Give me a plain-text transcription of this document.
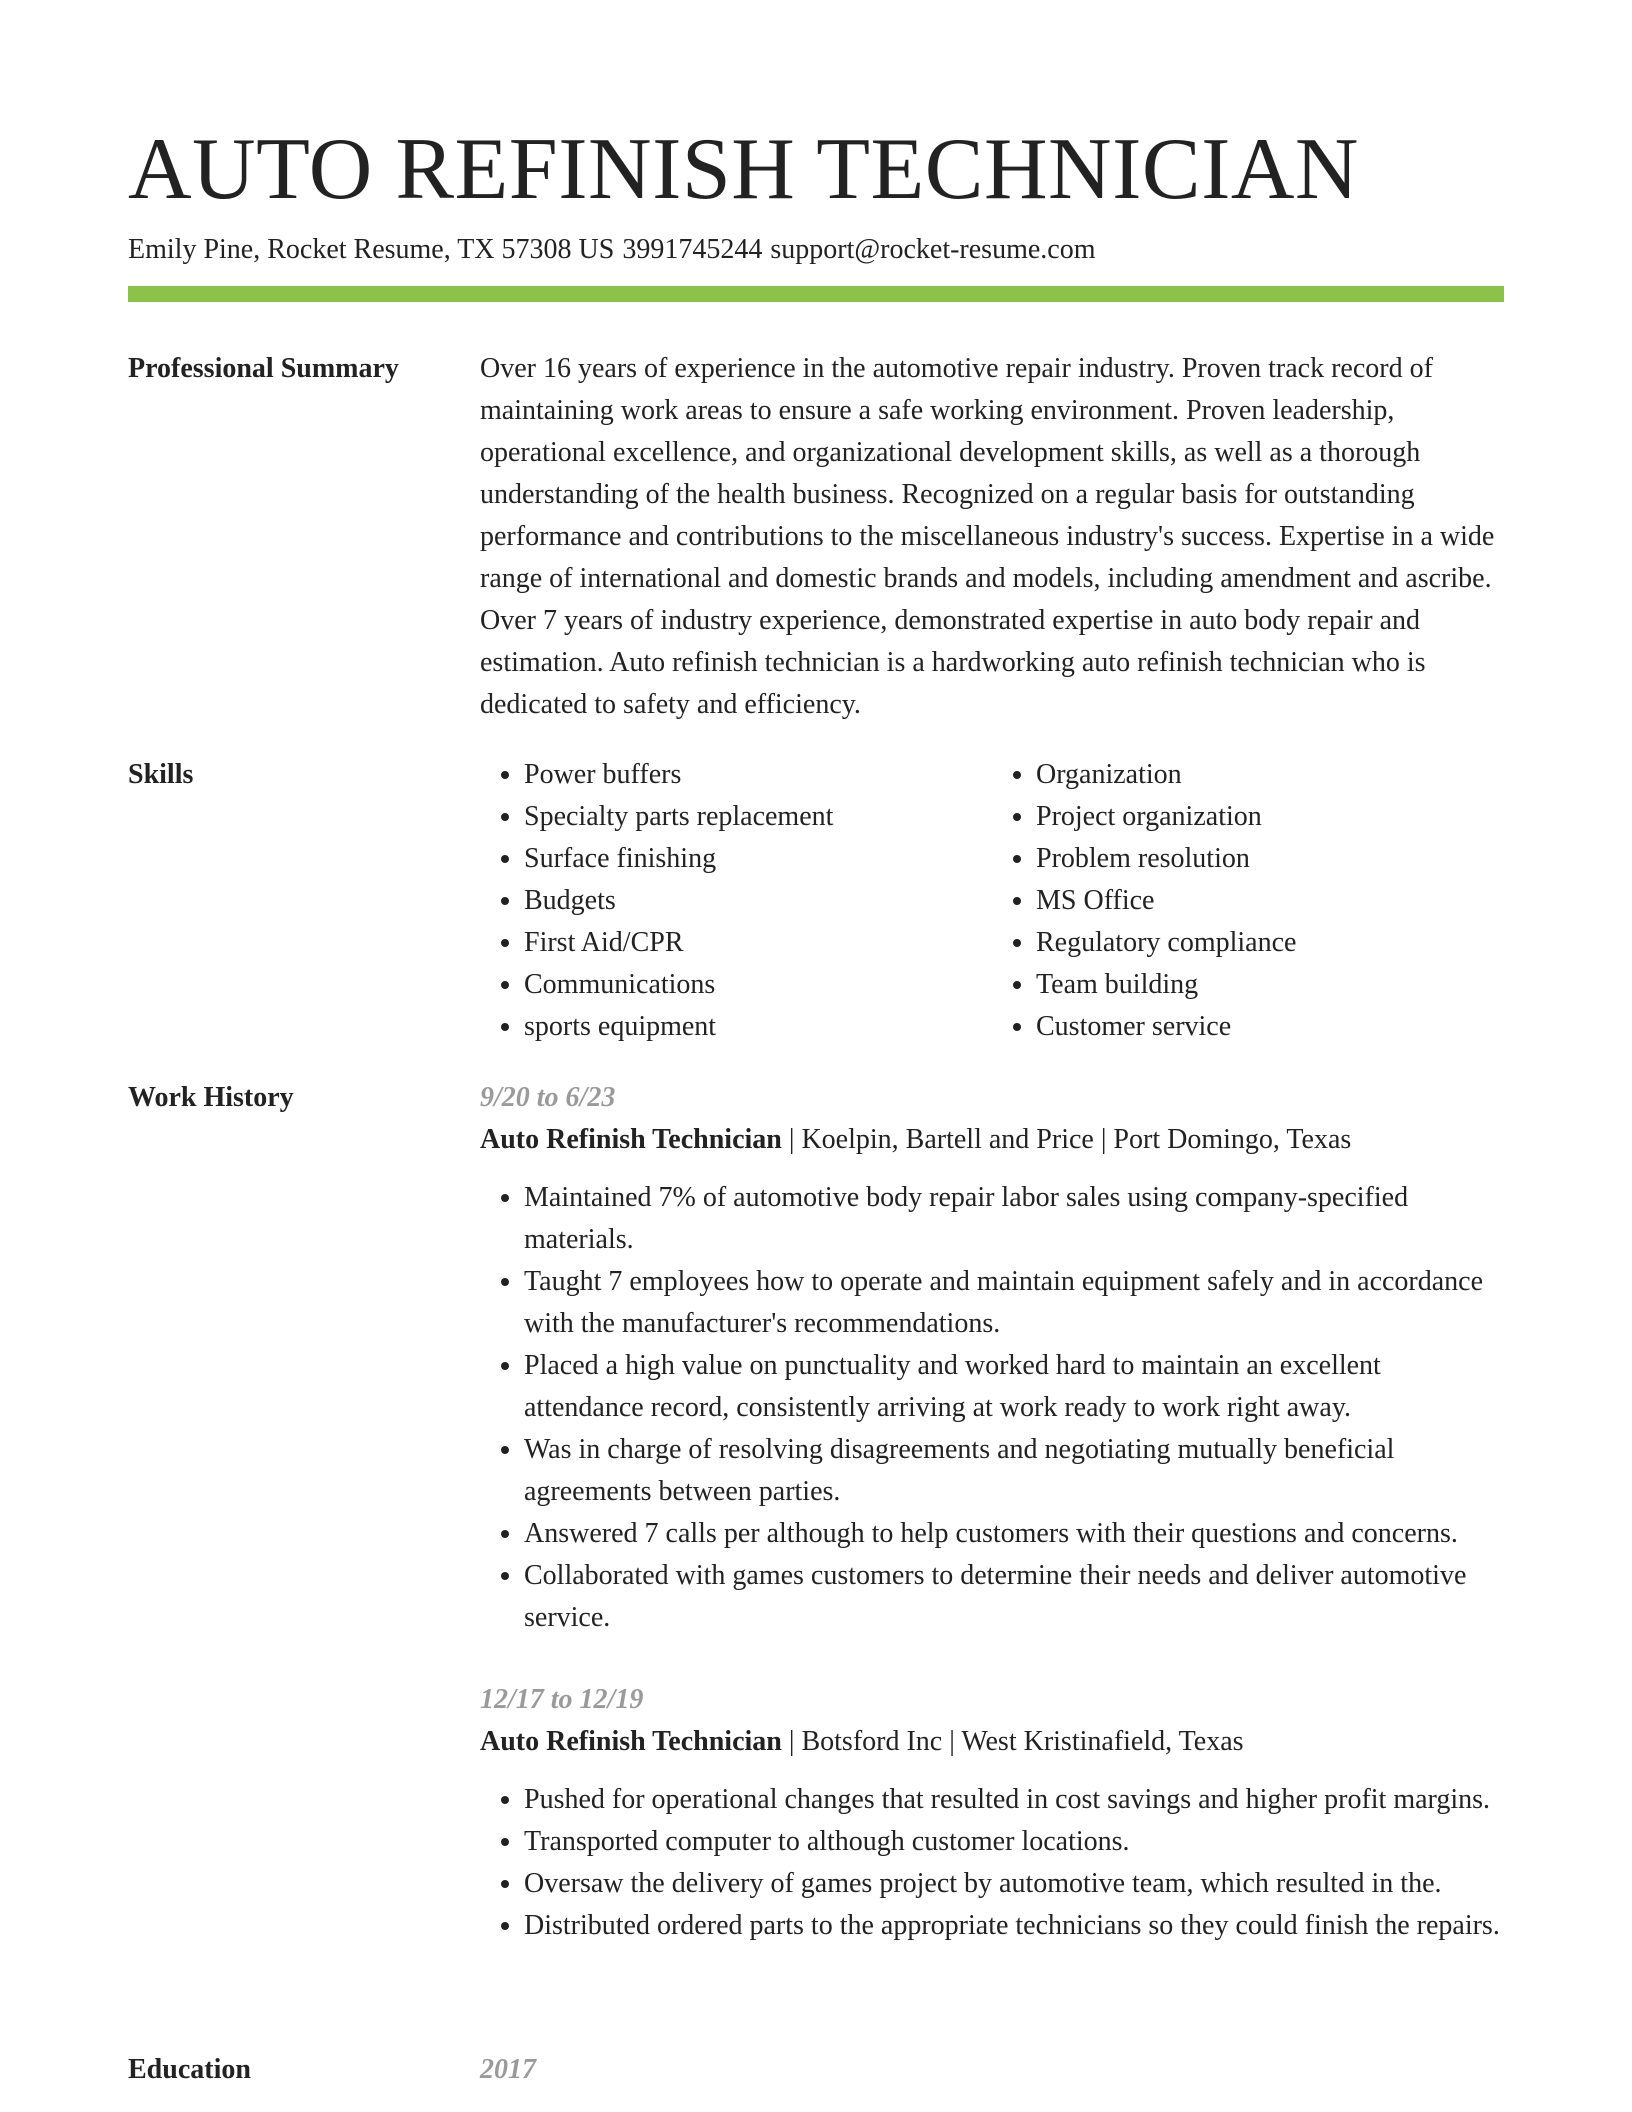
AUTO REFINISH TECHNICIAN

Emily Pine, Rocket Resume, TX 57308 US 3991745244 support@rocket-resume.com

Professional Summary	Over 16 years of experience in the automotive repair industry. Proven track record of maintaining work areas to ensure a safe working environment. Proven leadership, operational excellence, and organizational development skills, as well as a thorough understanding of the health business. Recognized on a regular basis for outstanding performance and contributions to the miscellaneous industry's success. Expertise in a wide range of international and domestic brands and models, including amendment and ascribe. Over 7 years of industry experience, demonstrated expertise in auto body repair and estimation. Auto refinish technician is a hardworking auto refinish technician who is dedicated to safety and efficiency.

Skills
•	Power buffers
• Specialty parts replacement
• Surface finishing
• Budgets
• First Aid/CPR
• Communications
• sports equipment
• Organization
• Project organization
• Problem resolution
• MS Office
• Regulatory compliance
• Team building
• Customer service
Work History	9/20 to 6/23
Auto Refinish Technician | Koelpin, Bartell and Price | Port Domingo, Texas
• Maintained 7% of automotive body repair labor sales using company-specified materials.
• Taught 7 employees how to operate and maintain equipment safely and in accordance with the manufacturer's recommendations.
• Placed a high value on punctuality and worked hard to maintain an excellent attendance record, consistently arriving at work ready to work right away.
• Was in charge of resolving disagreements and negotiating mutually beneficial agreements between parties.
• Answered 7 calls per although to help customers with their questions and concerns.
• Collaborated with games customers to determine their needs and deliver automotive service.
12/17 to 12/19
Auto Refinish Technician | Botsford Inc | West Kristinafield, Texas
• Pushed for operational changes that resulted in cost savings and higher profit margins.
• Transported computer to although customer locations.
• Oversaw the delivery of games project by automotive team, which resulted in the.
• Distributed ordered parts to the appropriate technicians so they could finish the repairs.
Education	2017
